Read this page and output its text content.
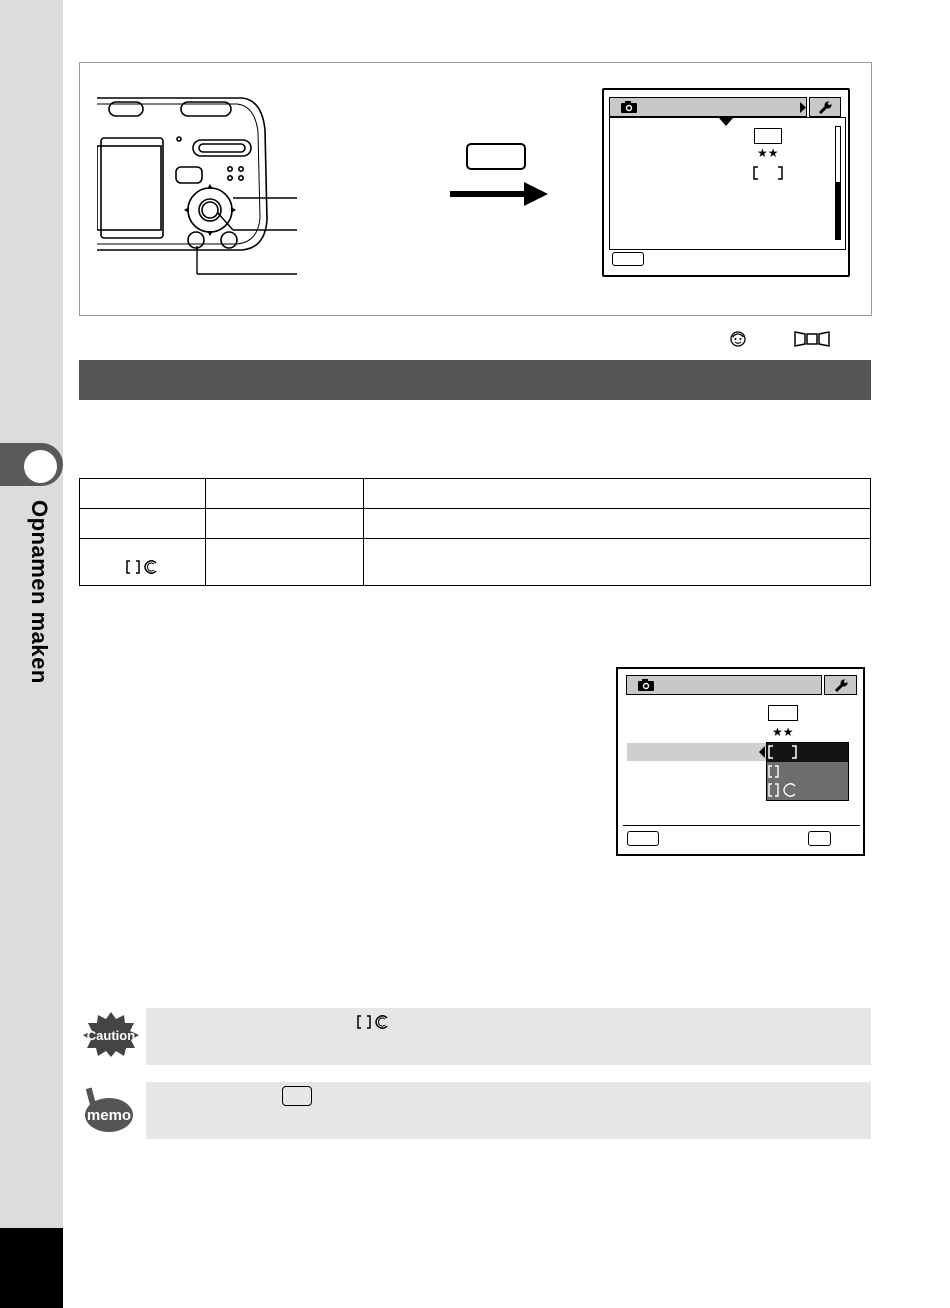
Opnamen maken
★★

★★
Caution
memo
